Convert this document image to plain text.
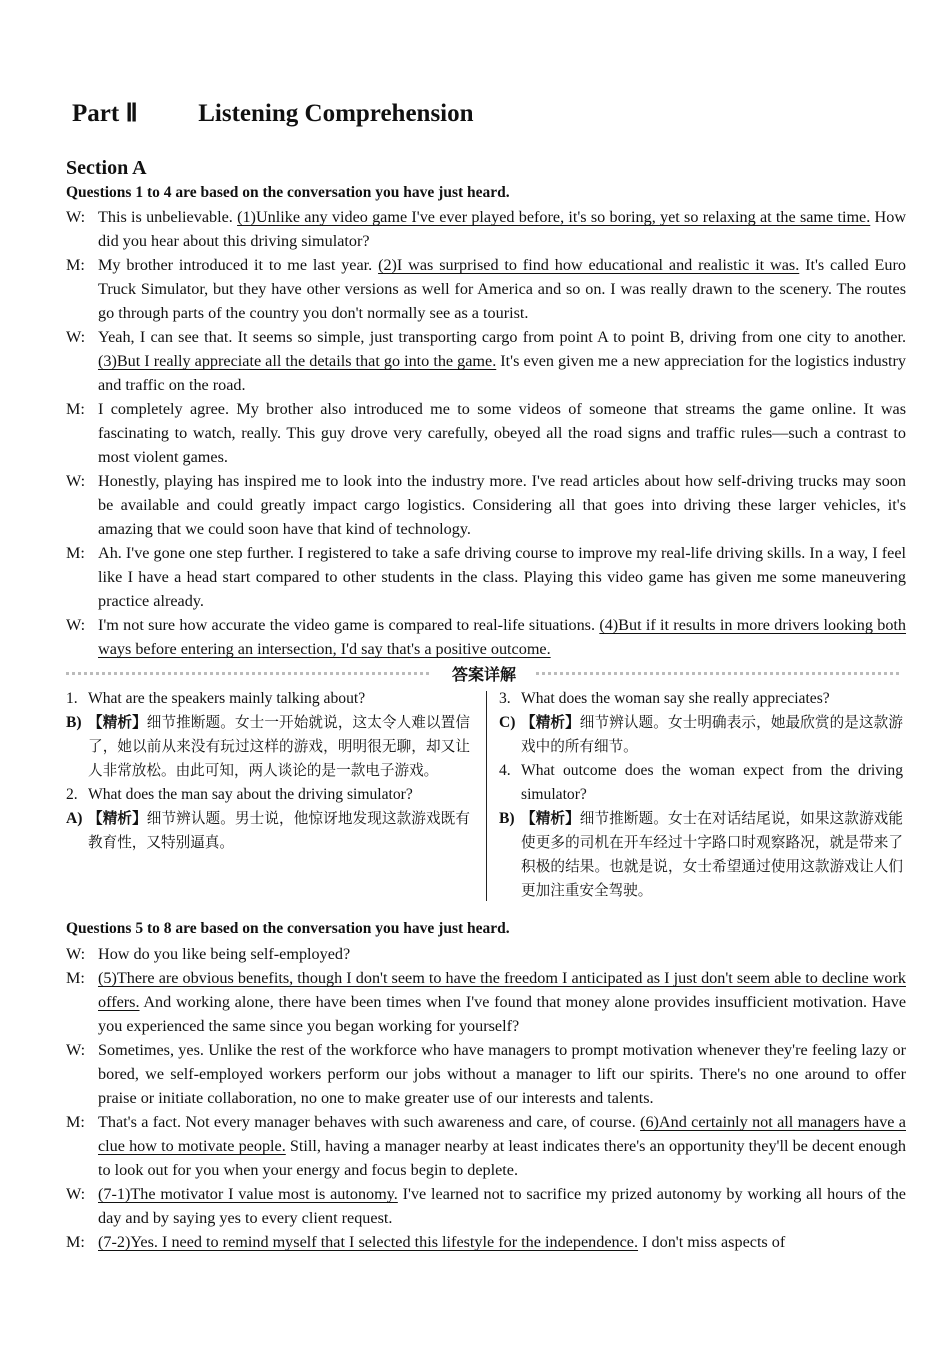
Part Ⅱ Listening Comprehension
Section A
Questions 1 to 4 are based on the conversation you have just heard.
W: This is unbelievable. (1)Unlike any video game I've ever played before, it's so boring, yet so relaxing at the same time. How did you hear about this driving simulator?
M: My brother introduced it to me last year. (2)I was surprised to find how educational and realistic it was. It's called Euro Truck Simulator, but they have other versions as well for America and so on. I was really drawn to the scenery. The routes go through parts of the country you don't normally see as a tourist.
W: Yeah, I can see that. It seems so simple, just transporting cargo from point A to point B, driving from one city to another. (3)But I really appreciate all the details that go into the game. It's even given me a new appreciation for the logistics industry and traffic on the road.
M: I completely agree. My brother also introduced me to some videos of someone that streams the game online. It was fascinating to watch, really. This guy drove very carefully, obeyed all the road signs and traffic rules—such a contrast to most violent games.
W: Honestly, playing has inspired me to look into the industry more. I've read articles about how self-driving trucks may soon be available and could greatly impact cargo logistics. Considering all that goes into driving these larger vehicles, it's amazing that we could soon have that kind of technology.
M: Ah. I've gone one step further. I registered to take a safe driving course to improve my real-life driving skills. In a way, I feel like I have a head start compared to other students in the class. Playing this video game has given me some maneuvering practice already.
W: I'm not sure how accurate the video game is compared to real-life situations. (4)But if it results in more drivers looking both ways before entering an intersection, I'd say that's a positive outcome.
答案详解
1. What are the speakers mainly talking about?
B) 【精析】细节推断题。女士一开始就说，这太令人难以置信了，她以前从来没有玩过这样的游戏，明明很无聊，却又让人非常放松。由此可知，两人谈论的是一款电子游戏。
2. What does the man say about the driving simulator?
A) 【精析】细节辨认题。男士说，他惊讶地发现这款游戏既有教育性，又特别逼真。
3. What does the woman say she really appreciates?
C) 【精析】细节辨认题。女士明确表示，她最欣赏的是这款游戏中的所有细节。
4. What outcome does the woman expect from the driving simulator?
B) 【精析】细节推断题。女士在对话结尾说，如果这款游戏能使更多的司机在开车经过十字路口时观察路况，就是带来了积极的结果。也就是说，女士希望通过使用这款游戏让人们更加注重安全驾驶。
Questions 5 to 8 are based on the conversation you have just heard.
W: How do you like being self-employed?
M: (5)There are obvious benefits, though I don't seem to have the freedom I anticipated as I just don't seem able to decline work offers. And working alone, there have been times when I've found that money alone provides insufficient motivation. Have you experienced the same since you began working for yourself?
W: Sometimes, yes. Unlike the rest of the workforce who have managers to prompt motivation whenever they're feeling lazy or bored, we self-employed workers perform our jobs without a manager to lift our spirits. There's no one around to offer praise or initiate collaboration, no one to make greater use of our interests and talents.
M: That's a fact. Not every manager behaves with such awareness and care, of course. (6)And certainly not all managers have a clue how to motivate people. Still, having a manager nearby at least indicates there's an opportunity they'll be decent enough to look out for you when your energy and focus begin to deplete.
W: (7-1)The motivator I value most is autonomy. I've learned not to sacrifice my prized autonomy by working all hours of the day and by saying yes to every client request.
M: (7-2)Yes. I need to remind myself that I selected this lifestyle for the independence. I don't miss aspects of
